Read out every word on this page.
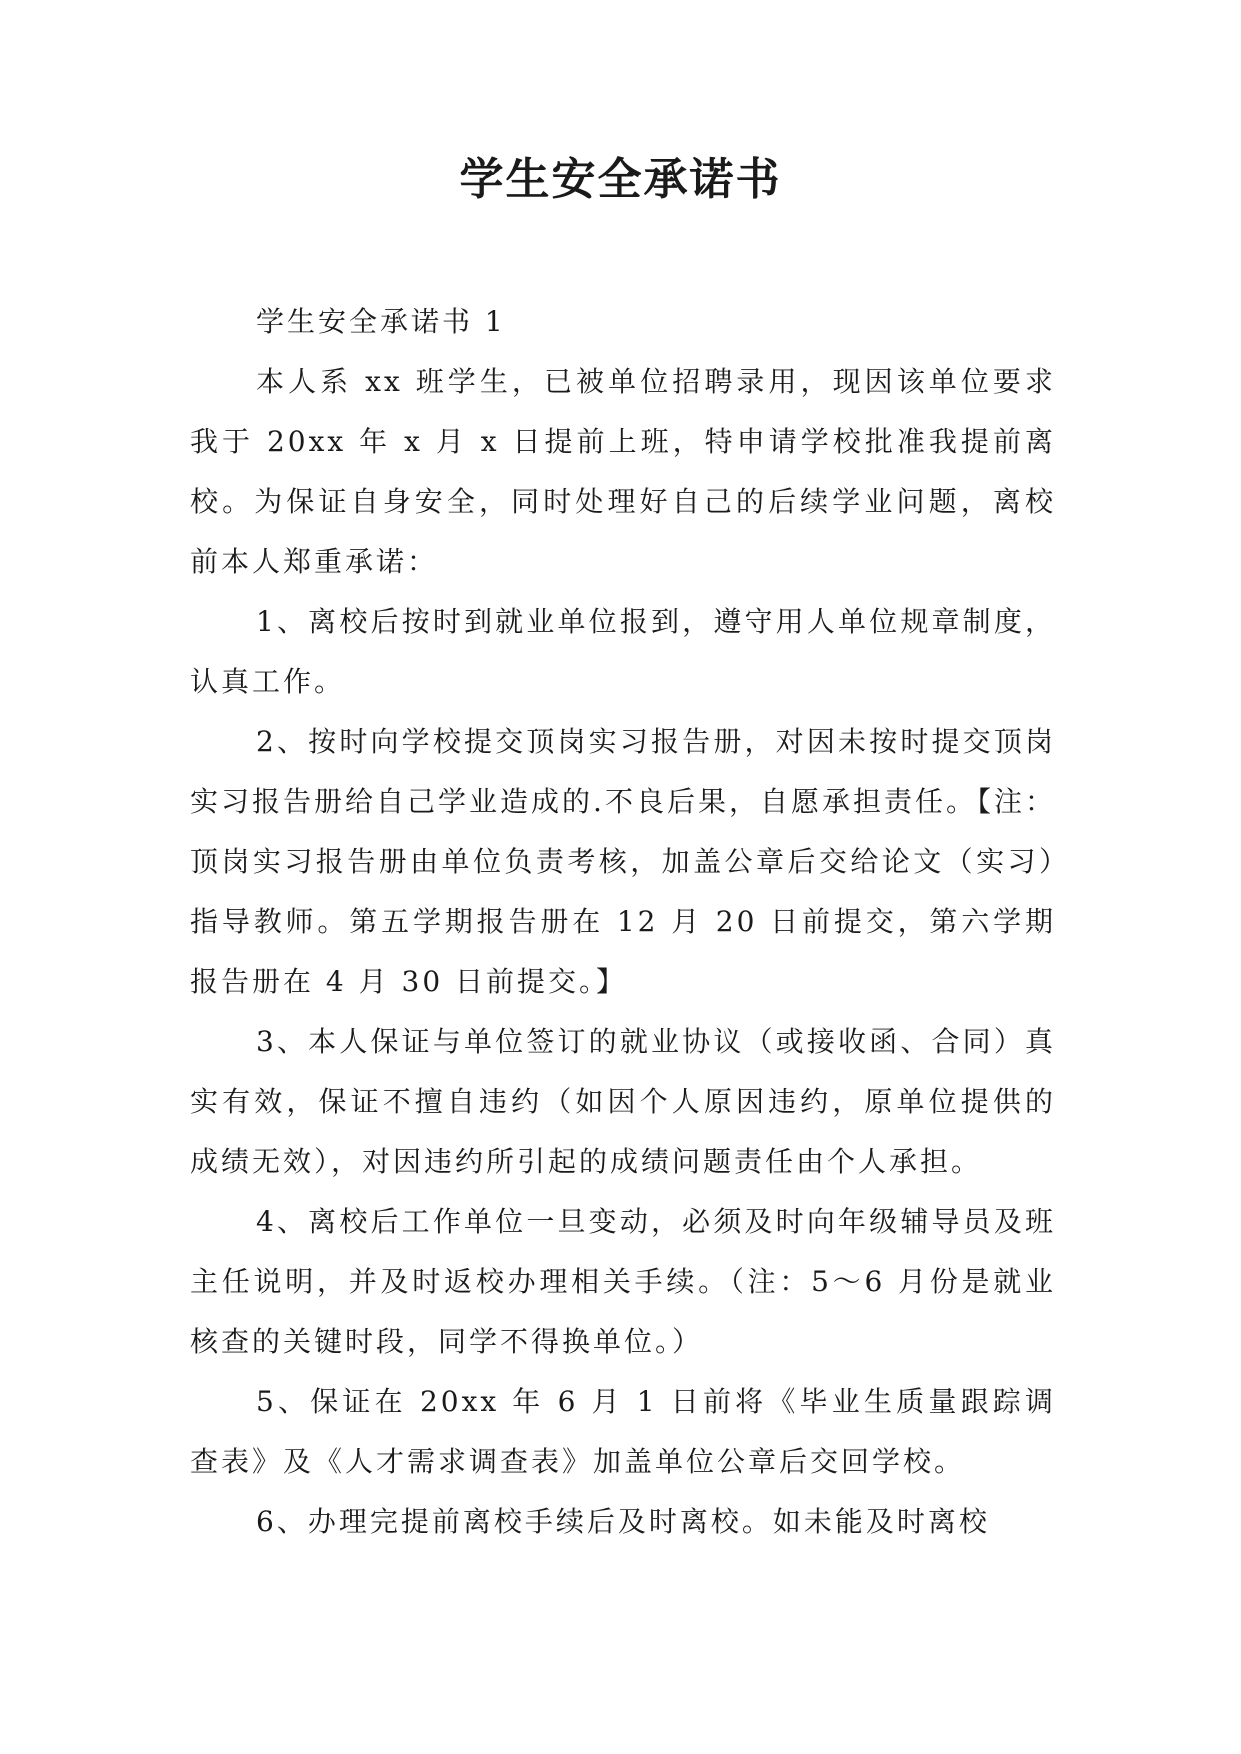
学生安全承诺书

学生安全承诺书 1

本人系 xx 班学生，已被单位招聘录用，现因该单位要求我于 20xx 年 x 月 x 日提前上班，特申请学校批准我提前离校。为保证自身安全，同时处理好自己的后续学业问题，离校前本人郑重承诺：

1、离校后按时到就业单位报到，遵守用人单位规章制度，认真工作。

2、按时向学校提交顶岗实习报告册，对因未按时提交顶岗实习报告册给自己学业造成的.不良后果，自愿承担责任。【注：顶岗实习报告册由单位负责考核，加盖公章后交给论文（实习）指导教师。第五学期报告册在 12 月 20 日前提交，第六学期报告册在 4 月 30 日前提交。】

3、本人保证与单位签订的就业协议（或接收函、合同）真实有效，保证不擅自违约（如因个人原因违约，原单位提供的成绩无效），对因违约所引起的成绩问题责任由个人承担。

4、离校后工作单位一旦变动，必须及时向年级辅导员及班主任说明，并及时返校办理相关手续。（注：5～6 月份是就业核查的关键时段，同学不得换单位。）

5、保证在 20xx 年 6 月 1 日前将《毕业生质量跟踪调查表》及《人才需求调查表》加盖单位公章后交回学校。

6、办理完提前离校手续后及时离校。如未能及时离校
